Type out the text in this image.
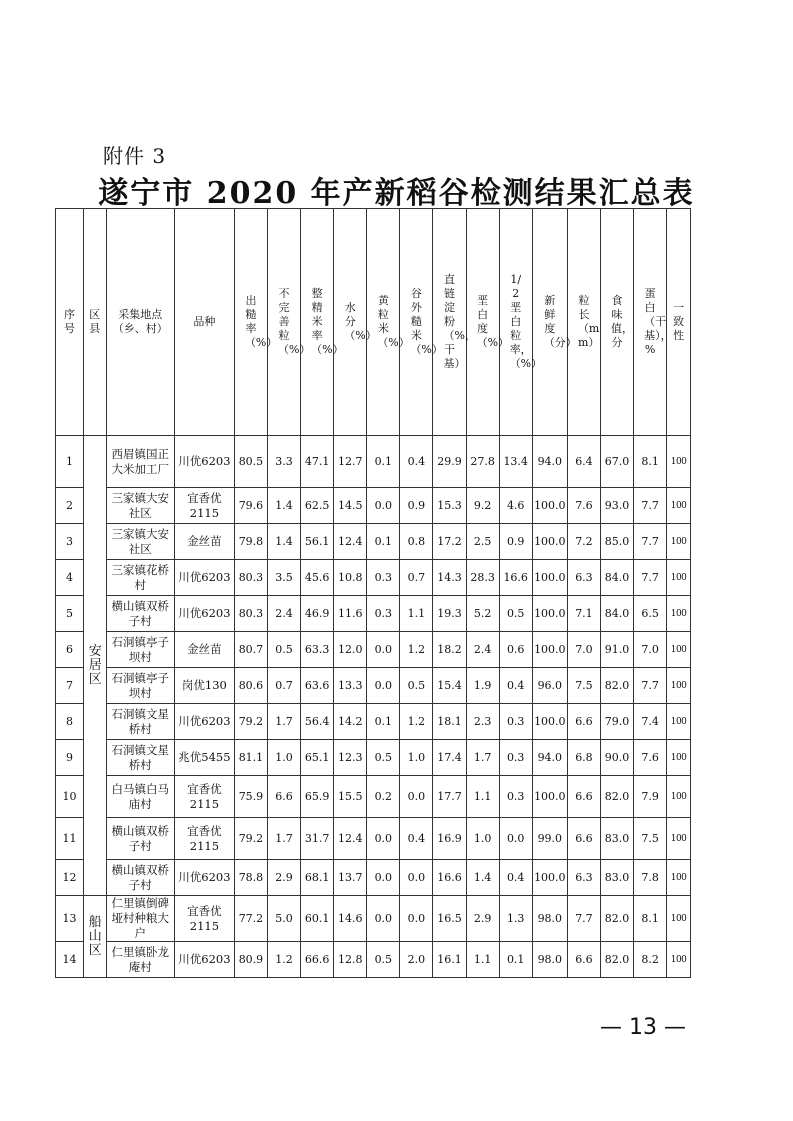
附件 3
遂宁市 2020 年产新稻谷检测结果汇总表
序号	区县	采集地点（乡、村）	品种	出糙率（%）	不完善粒（%）	整精米率（%）	水分（%）	黄粒米（%）	谷外糙米（%）	直链淀粉（%，干基）	垩白度（%）	1/2垩白粒率，（%）	新鲜度（分）	粒长（mm）	食味值，分	蛋白（干基），%	一致性
1	安居区	西眉镇国正大米加工厂	川优6203	80.5	3.3	47.1	12.7	0.1	0.4	29.9	27.8	13.4	94.0	6.4	67.0	8.1	100
2		三家镇大安社区	宜香优2115	79.6	1.4	62.5	14.5	0.0	0.9	15.3	9.2	4.6	100.0	7.6	93.0	7.7	100
3		三家镇大安社区	金丝苗	79.8	1.4	56.1	12.4	0.1	0.8	17.2	2.5	0.9	100.0	7.2	85.0	7.7	100
4		三家镇花桥村	川优6203	80.3	3.5	45.6	10.8	0.3	0.7	14.3	28.3	16.6	100.0	6.3	84.0	7.7	100
5		横山镇双桥子村	川优6203	80.3	2.4	46.9	11.6	0.3	1.1	19.3	5.2	0.5	100.0	7.1	84.0	6.5	100
6		石洞镇亭子坝村	金丝苗	80.7	0.5	63.3	12.0	0.0	1.2	18.2	2.4	0.6	100.0	7.0	91.0	7.0	100
7		石洞镇亭子坝村	岗优130	80.6	0.7	63.6	13.3	0.0	0.5	15.4	1.9	0.4	96.0	7.5	82.0	7.7	100
8		石洞镇文星桥村	川优6203	79.2	1.7	56.4	14.2	0.1	1.2	18.1	2.3	0.3	100.0	6.6	79.0	7.4	100
9		石洞镇文星桥村	兆优5455	81.1	1.0	65.1	12.3	0.5	1.0	17.4	1.7	0.3	94.0	6.8	90.0	7.6	100
10		白马镇白马庙村	宜香优2115	75.9	6.6	65.9	15.5	0.2	0.0	17.7	1.1	0.3	100.0	6.6	82.0	7.9	100
11		横山镇双桥子村	宜香优2115	79.2	1.7	31.7	12.4	0.0	0.4	16.9	1.0	0.0	99.0	6.6	83.0	7.5	100
12		横山镇双桥子村	川优6203	78.8	2.9	68.1	13.7	0.0	0.0	16.6	1.4	0.4	100.0	6.3	83.0	7.8	100
13	船山区	仁里镇倒碑垭村种粮大户	宜香优2115	77.2	5.0	60.1	14.6	0.0	0.0	16.5	2.9	1.3	98.0	7.7	82.0	8.1	100
14		仁里镇卧龙庵村	川优6203	80.9	1.2	66.6	12.8	0.5	2.0	16.1	1.1	0.1	98.0	6.6	82.0	8.2	100
— 13 —
